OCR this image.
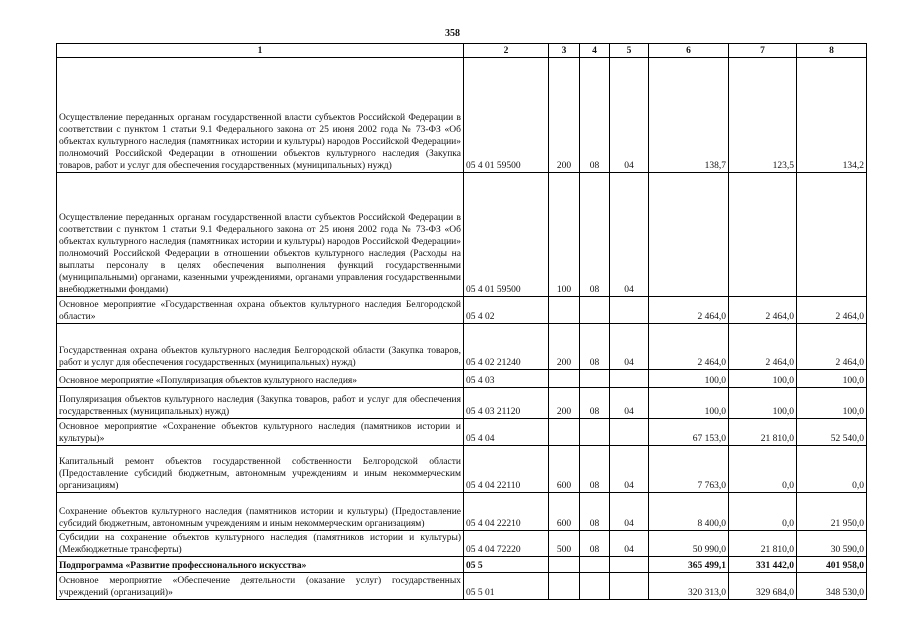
358
1	2	3	4	5	6	7	8
Осуществление переданных органам государственной власти субъектов Российской Федерации в соответствии с пунктом 1 статьи 9.1 Федерального закона от 25 июня 2002 года № 73-ФЗ «Об объектах культурного наследия (памятниках истории и культуры) народов Российской Федерации» полномочий Российской Федерации в отношении объектов культурного наследия (Закупка товаров, работ и услуг для обеспечения государственных (муниципальных) нужд)	05 4 01 59500	200	08	04	138,7	123,5	134,2
Осуществление переданных органам государственной власти субъектов Российской Федерации в соответствии с пунктом 1 статьи 9.1 Федерального закона от 25 июня 2002 года № 73-ФЗ «Об объектах культурного наследия (памятниках истории и культуры) народов Российской Федерации» полномочий Российской Федерации в отношении объектов культурного наследия (Расходы на выплаты персоналу в целях обеспечения выполнения функций государственными (муниципальными) органами, казенными учреждениями, органами управления государственными внебюджетными фондами)	05 4 01 59500	100	08	04			
Основное мероприятие «Государственная охрана объектов культурного наследия Белгородской области»	05 4 02				2 464,0	2 464,0	2 464,0
Государственная охрана объектов культурного наследия Белгородской области (Закупка товаров, работ и услуг для обеспечения государственных (муниципальных) нужд)	05 4 02 21240	200	08	04	2 464,0	2 464,0	2 464,0
Основное мероприятие «Популяризация объектов культурного наследия»	05 4 03				100,0	100,0	100,0
Популяризация объектов культурного наследия (Закупка товаров, работ и услуг для обеспечения государственных (муниципальных) нужд)	05 4 03 21120	200	08	04	100,0	100,0	100,0
Основное мероприятие «Сохранение объектов культурного наследия (памятников истории и культуры)»	05 4 04				67 153,0	21 810,0	52 540,0
Капитальный ремонт объектов государственной собственности Белгородской области (Предоставление субсидий бюджетным, автономным учреждениям и иным некоммерческим организациям)	05 4 04 22110	600	08	04	7 763,0	0,0	0,0
Сохранение объектов культурного наследия (памятников истории и культуры) (Предоставление субсидий бюджетным, автономным учреждениям и иным некоммерческим организациям)	05 4 04 22210	600	08	04	8 400,0	0,0	21 950,0
Субсидии на сохранение объектов культурного наследия (памятников истории и культуры) (Межбюджетные трансферты)	05 4 04 72220	500	08	04	50 990,0	21 810,0	30 590,0
Подпрограмма «Развитие профессионального искусства»	05 5				365 499,1	331 442,0	401 958,0
Основное мероприятие «Обеспечение деятельности (оказание услуг) государственных учреждений (организаций)»	05 5 01				320 313,0	329 684,0	348 530,0
